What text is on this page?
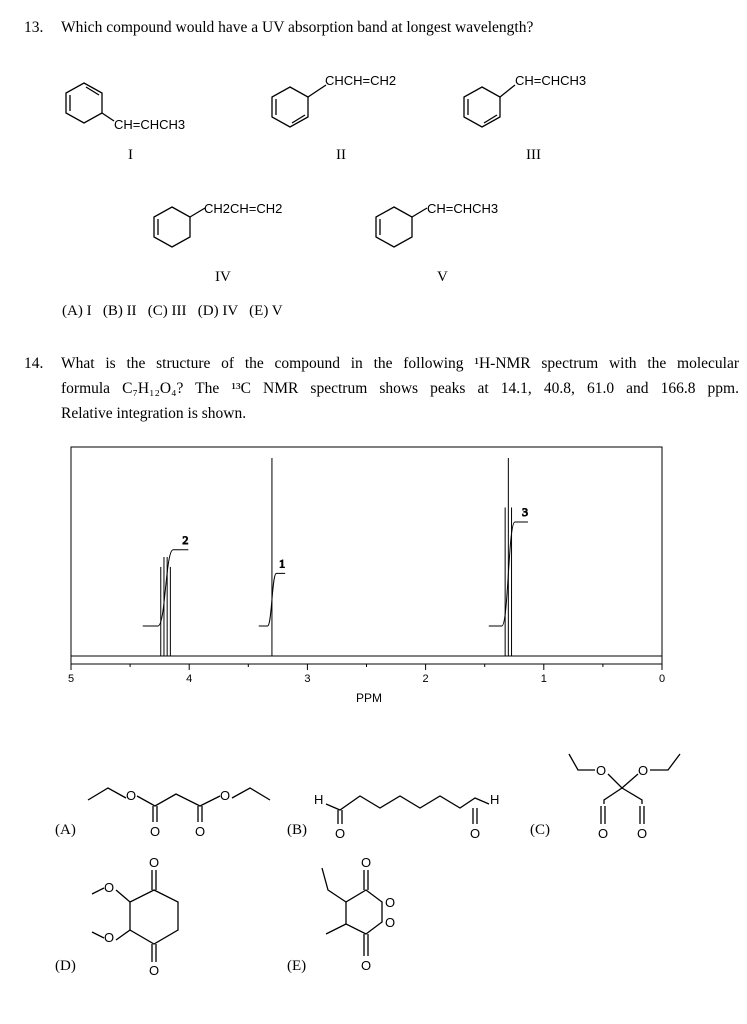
13. Which compound would have a UV absorption band at longest wavelength?
CH=CHCH3
CHCH=CH2	CH=CHCH3
CH2CH=CH2	CH=CHCH3
I	II	III
IV	V
(A) I   (B) II   (C) III   (D) IV   (E) V
14. What is the structure of the compound in the following ¹H-NMR spectrum with the molecular
formula C₇H₁₂O₄? The ¹³C NMR spectrum shows peaks at 14.1, 40.8, 61.0 and 166.8 ppm.
Relative integration is shown.
2
1
3
5	4	3	2	1	0
PPM
(A)	(B)	(C)
(D)	(E)
O	O
O	O
H	H
O	O
O O
O O
O
O
O
O
O
O
O
O
